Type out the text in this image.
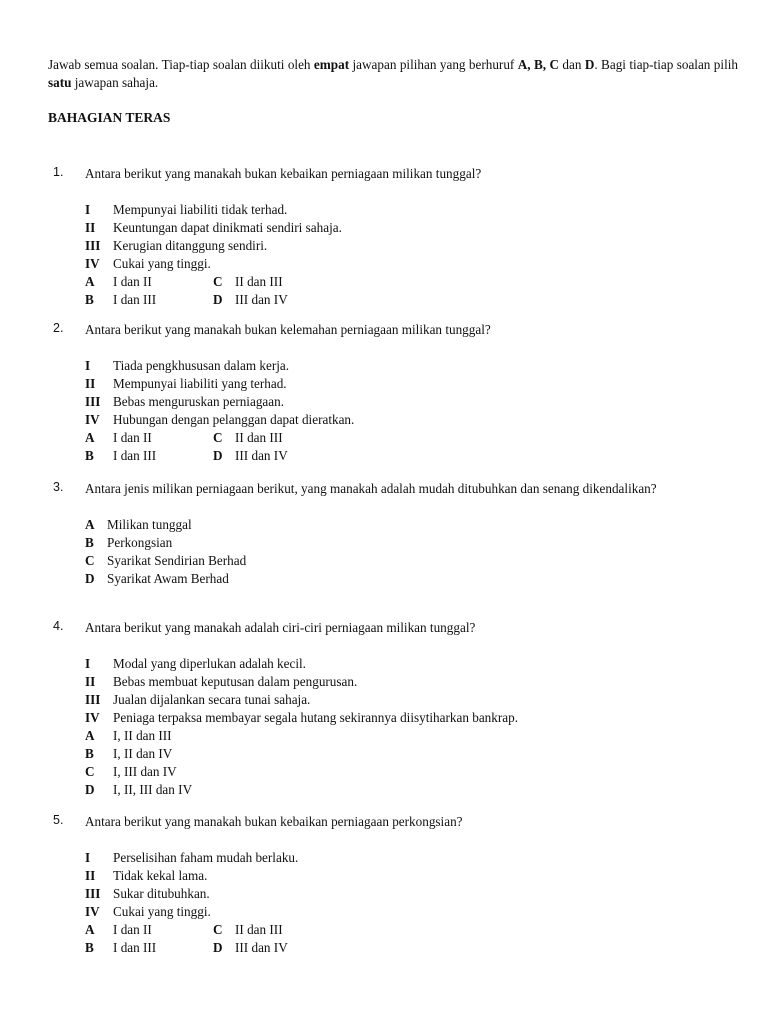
Jawab semua soalan. Tiap-tiap soalan diikuti oleh empat jawapan pilihan yang berhuruf A, B, C dan D. Bagi tiap-tiap soalan pilih satu jawapan sahaja.
BAHAGIAN TERAS
1. Antara berikut yang manakah bukan kebaikan perniagaan milikan tunggal?
I Mempunyai liabiliti tidak terhad.
II Keuntungan dapat dinikmati sendiri sahaja.
III Kerugian ditanggung sendiri.
IV Cukai yang tinggi.
A I dan II	C II dan III
B I dan III	D III dan IV
2. Antara berikut yang manakah bukan kelemahan perniagaan milikan tunggal?
I Tiada pengkhususan dalam kerja.
II Mempunyai liabiliti yang terhad.
III Bebas menguruskan perniagaan.
IV Hubungan dengan pelanggan dapat dieratkan.
A I dan II	C II dan III
B I dan III	D III dan IV
3. Antara jenis milikan perniagaan berikut, yang manakah adalah mudah ditubuhkan dan senang dikendalikan?
A Milikan tunggal
B Perkongsian
C Syarikat Sendirian Berhad
D Syarikat Awam Berhad
4. Antara berikut yang manakah adalah ciri-ciri perniagaan milikan tunggal?
I Modal yang diperlukan adalah kecil.
II Bebas membuat keputusan dalam pengurusan.
III Jualan dijalankan secara tunai sahaja.
IV Peniaga terpaksa membayar segala hutang sekirannya diisytiharkan bankrap.
A I, II dan III
B I, II dan IV
C I, III dan IV
D I, II, III dan IV
5. Antara berikut yang manakah bukan kebaikan perniagaan perkongsian?
I Perselisihan faham mudah berlaku.
II Tidak kekal lama.
III Sukar ditubuhkan.
IV Cukai yang tinggi.
A I dan II	C II dan III
B I dan III	D III dan IV
